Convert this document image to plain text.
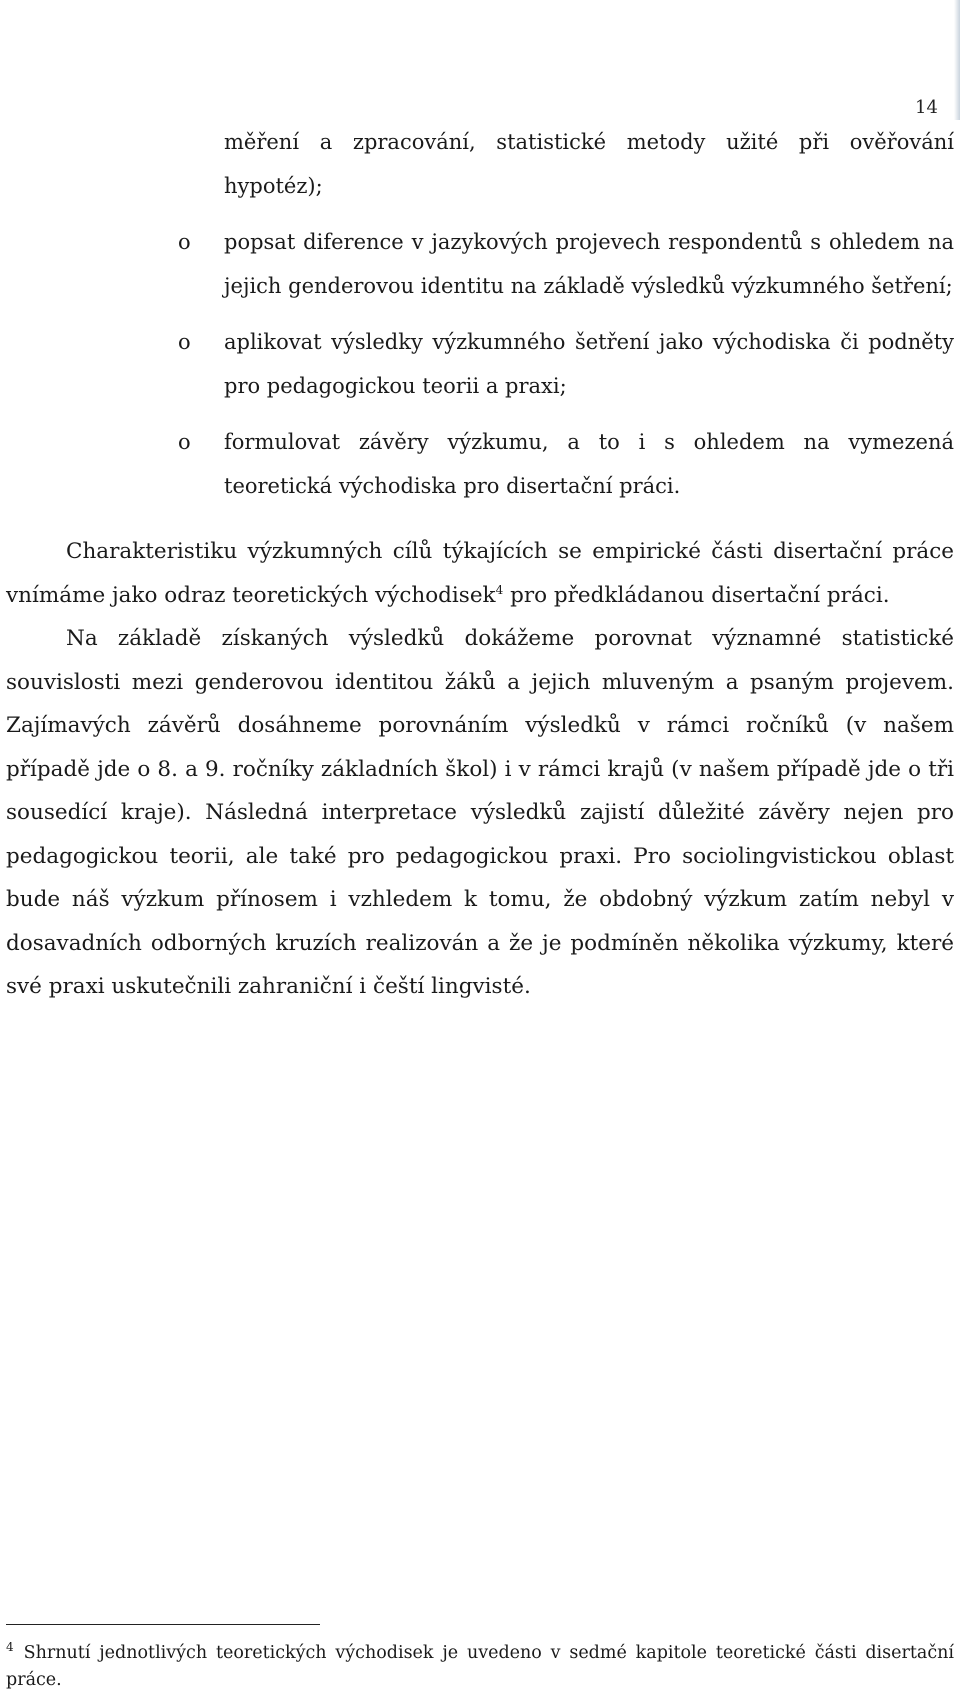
14
měření a zpracování, statistické metody užité při ověřování hypotéz);
o	popsat diference v jazykových projevech respondentů s ohledem na jejich genderovou identitu na základě výsledků výzkumného šetření;
o	aplikovat výsledky výzkumného šetření jako východiska či podněty pro pedagogickou teorii a praxi;
o	formulovat závěry výzkumu, a to i s ohledem na vymezená teoretická východiska pro disertační práci.

Charakteristiku výzkumných cílů týkajících se empirické části disertační práce vnímáme jako odraz teoretických východisek$^4$ pro předkládanou disertační práci.

Na základě získaných výsledků dokážeme porovnat významné statistické souvislosti mezi genderovou identitou žáků a jejich mluveným a psaným projevem. Zajímavých závěrů dosáhneme porovnáním výsledků v rámci ročníků (v našem případě jde o 8. a 9. ročníky základních škol) i v rámci krajů (v našem případě jde o tři sousedící kraje). Následná interpretace výsledků zajistí důležité závěry nejen pro pedagogickou teorii, ale také pro pedagogickou praxi. Pro sociolingvistickou oblast bude náš výzkum přínosem i vzhledem k tomu, že obdobný výzkum zatím nebyl v dosavadních odborných kruzích realizován a že je podmíněn několika výzkumy, které své praxi uskutečnili zahraniční i čeští lingvisté.

$^4$ Shrnutí jednotlivých teoretických východisek je uvedeno v sedmé kapitole teoretické části disertační práce.
